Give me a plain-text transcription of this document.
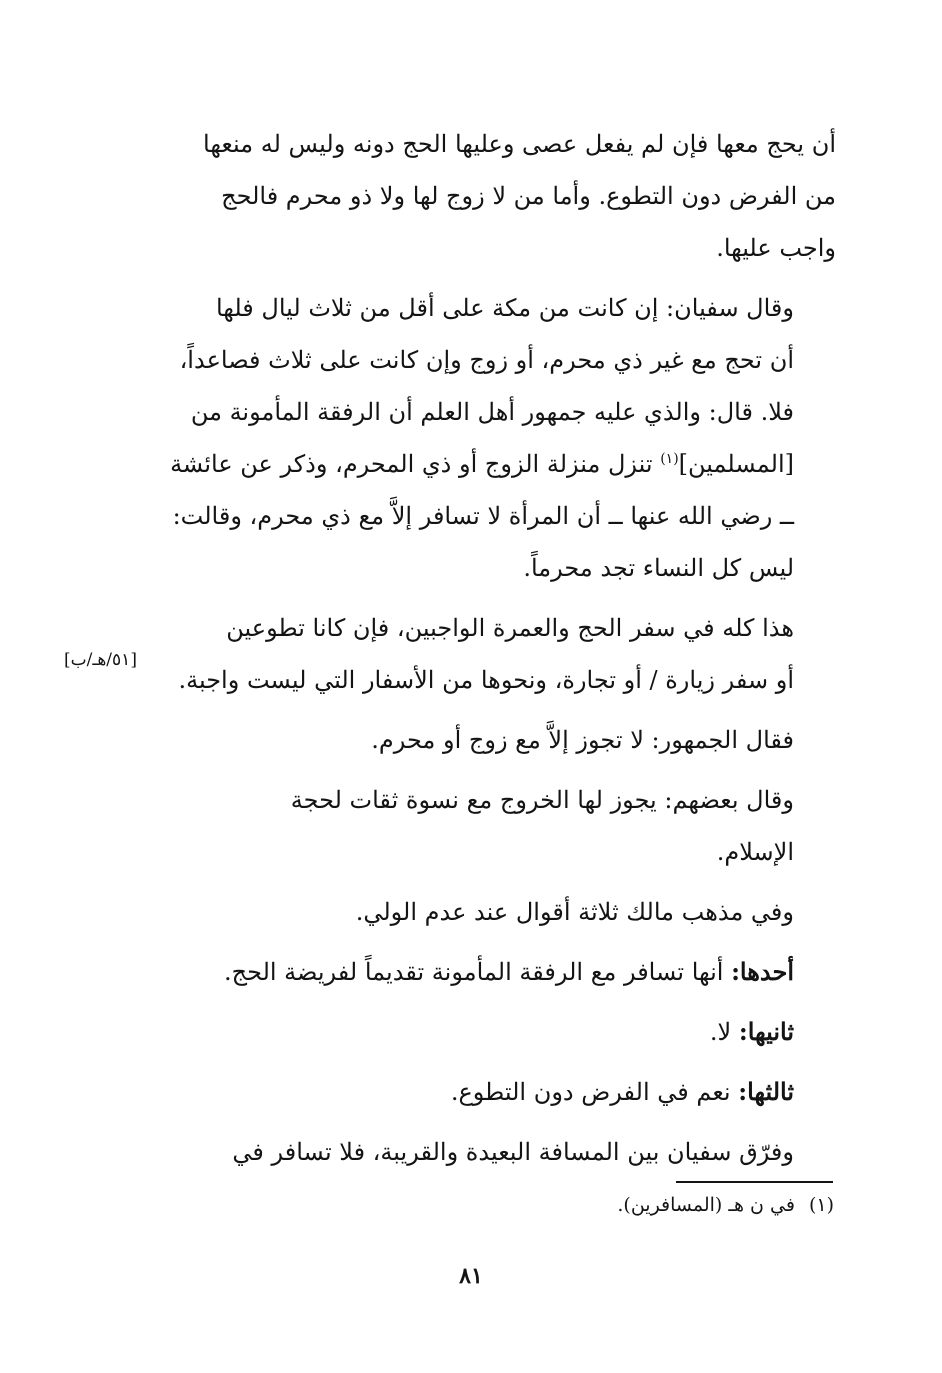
أن يحج معها فإن لم يفعل عصى وعليها الحج دونه وليس له منعها
من الفرض دون التطوع. وأما من لا زوج لها ولا ذو محرم فالحج
واجب عليها.

وقال سفيان: إن كانت من مكة على أقل من ثلاث ليال فلها
أن تحج مع غير ذي محرم، أو زوج وإن كانت على ثلاث فصاعداً،
فلا. قال: والذي عليه جمهور أهل العلم أن الرفقة المأمونة من
[المسلمين]$^{(١)}$ تنزل منزلة الزوج أو ذي المحرم، وذكر عن عائشة
ــ رضي الله عنها ــ أن المرأة لا تسافر إلاَّ مع ذي محرم، وقالت:
ليس كل النساء تجد محرماً.

هذا كله في سفر الحج والعمرة الواجبين، فإن كانا تطوعين
أو سفر زيارة / أو تجارة، ونحوها من الأسفار التي ليست واجبة.

فقال الجمهور: لا تجوز إلاَّ مع زوج أو محرم.

وقال بعضهم: يجوز لها الخروج مع نسوة ثقات لحجة
الإسلام.

وفي مذهب مالك ثلاثة أقوال عند عدم الولي.

أحدها: أنها تسافر مع الرفقة المأمونة تقديماً لفريضة الحج.

ثانيها: لا.

ثالثها: نعم في الفرض دون التطوع.

وفرّق سفيان بين المسافة البعيدة والقريبة، فلا تسافر في

[٥١/هـ/ب]
(١)في ن هـ (المسافرين).
٨١
